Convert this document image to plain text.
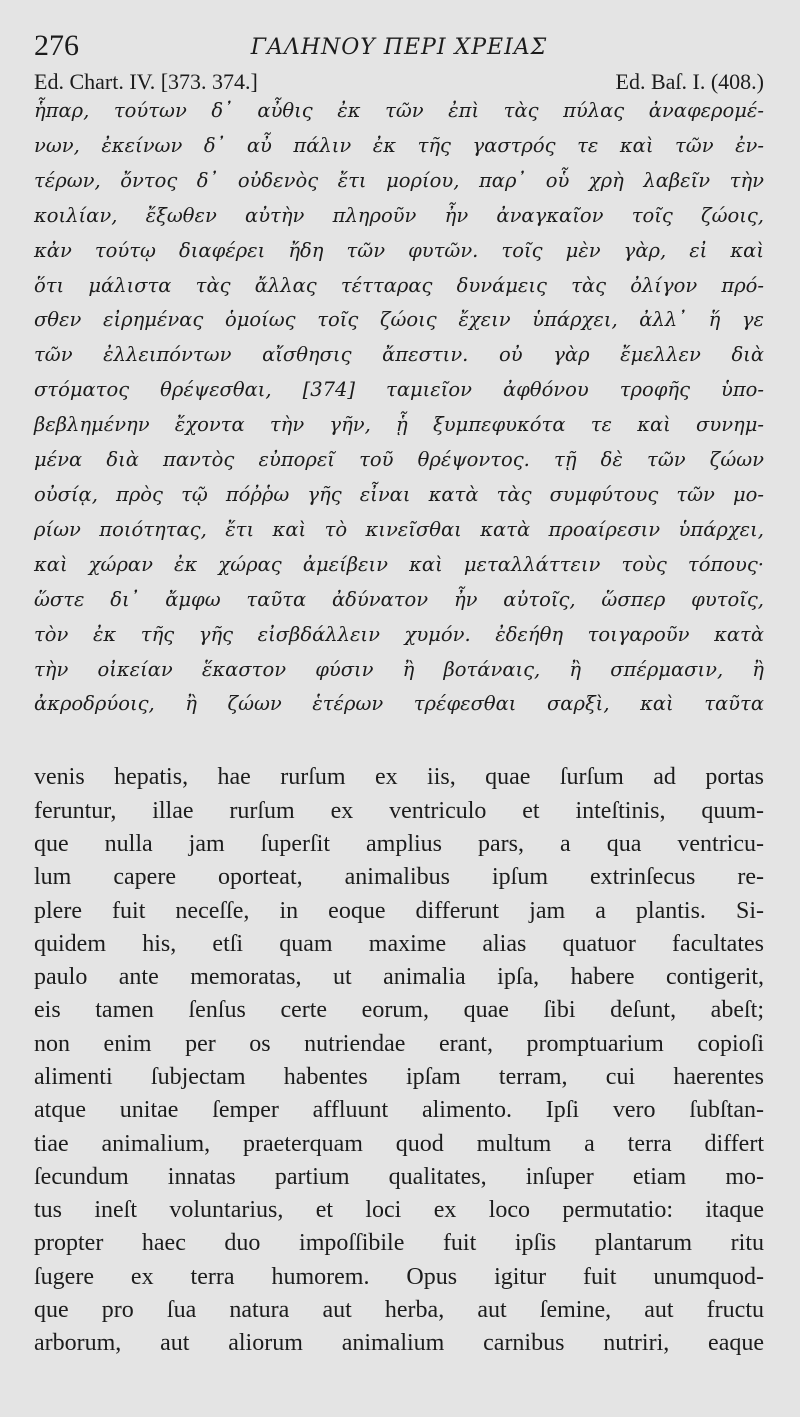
276	ΓΑΛΗΝΟΥ ΠΕΡΙ ΧΡΕΙΑΣ
Ed. Chart. IV. [373. 374.]	Ed. Baſ. I. (408.)
ἧπαρ, τούτων δ᾽ αὖθις ἐκ τῶν ἐπὶ τὰς πύλας ἀναφερομέ-
νων, ἐκείνων δ᾽ αὖ πάλιν ἐκ τῆς γαστρός τε καὶ τῶν ἐν-
τέρων, ὄντος δ᾽ οὐδενὸς ἔτι μορίου, παρ᾽ οὗ χρὴ λαβεῖν τὴν
κοιλίαν, ἔξωθεν αὐτὴν πληροῦν ἦν ἀναγκαῖον τοῖς ζώοις,
κἀν τούτῳ διαφέρει ἤδη τῶν φυτῶν. τοῖς μὲν γὰρ, εἰ καὶ
ὅτι μάλιστα τὰς ἄλλας τέτταρας δυνάμεις τὰς ὀλίγον πρό-
σθεν εἰρημένας ὁμοίως τοῖς ζώοις ἔχειν ὑπάρχει, ἀλλ᾽ ἥ γε
τῶν ἐλλειπόντων αἴσθησις ἄπεστιν. οὐ γὰρ ἔμελλεν διὰ
στόματος θρέψεσθαι, [374] ταμιεῖον ἀφθόνου τροφῆς ὑπο-
βεβλημένην ἔχοντα τὴν γῆν, ᾗ ξυμπεφυκότα τε καὶ συνημ-
μένα διὰ παντὸς εὐπορεῖ τοῦ θρέψοντος. τῇ δὲ τῶν ζώων
οὐσίᾳ, πρὸς τῷ πόῤῥω γῆς εἶναι κατὰ τὰς συμφύτους τῶν μο-
ρίων ποιότητας, ἔτι καὶ τὸ κινεῖσθαι κατὰ προαίρεσιν ὑπάρχει,
καὶ χώραν ἐκ χώρας ἀμείβειν καὶ μεταλλάττειν τοὺς τόπους·
ὥστε δι᾽ ἄμφω ταῦτα ἀδύνατον ἦν αὐτοῖς, ὥσπερ φυτοῖς,
τὸν ἐκ τῆς γῆς εἰσβδάλλειν χυμόν. ἐδεήθη τοιγαροῦν κατὰ
τὴν οἰκείαν ἕκαστον φύσιν ἢ βοτάναις, ἢ σπέρμασιν, ἢ
ἀκροδρύοις, ἢ ζώων ἑτέρων τρέφεσθαι σαρξὶ, καὶ ταῦτα
venis hepatis, hae rurſum ex iis, quae ſurſum ad portas
feruntur, illae rurſum ex ventriculo et inteſtinis, quum-
que nulla jam ſuperſit amplius pars, a qua ventricu-
lum capere oporteat, animalibus ipſum extrinſecus re-
plere fuit neceſſe, in eoque differunt jam a plantis. Si-
quidem his, etſi quam maxime alias quatuor facultates
paulo ante memoratas, ut animalia ipſa, habere contigerit,
eis tamen ſenſus certe eorum, quae ſibi deſunt, abeſt;
non enim per os nutriendae erant, promptuarium copioſi
alimenti ſubjectam habentes ipſam terram, cui haerentes
atque unitae ſemper affluunt alimento. Ipſi vero ſubſtan-
tiae animalium, praeterquam quod multum a terra differt
ſecundum innatas partium qualitates, inſuper etiam mo-
tus ineſt voluntarius, et loci ex loco permutatio: itaque
propter haec duo impoſſibile fuit ipſis plantarum ritu
ſugere ex terra humorem. Opus igitur fuit unumquod-
que pro ſua natura aut herba, aut ſemine, aut fructu
arborum, aut aliorum animalium carnibus nutriri, eaque
